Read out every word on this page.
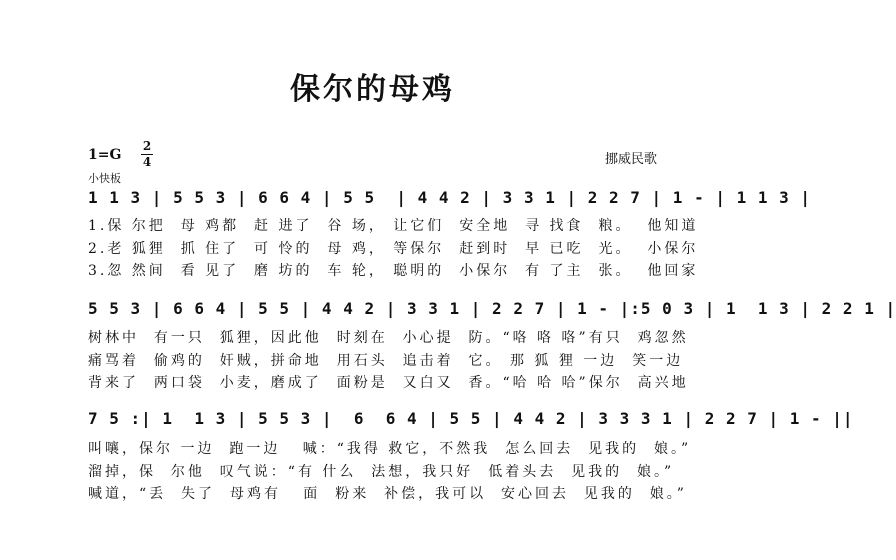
保尔的母鸡
1=G
2
4
小快板
挪威民歌
1 1 3 | 5 5 3 | 6 6 4 | 5 5  | 4 4 2 | 3 3 1 | 2 2 7 | 1 - | 1 1 3 |
1.保 尔把  母 鸡都  赶 进了  谷 场， 让它们  安全地  寻 找食  粮。  他知道
2.老 狐狸  抓 住了  可 怜的  母 鸡， 等保尔  赶到时  早 已吃  光。  小保尔
3.忽 然间  看 见了  磨 坊的  车 轮， 聪明的  小保尔  有 了主  张。  他回家
5 5 3 | 6 6 4 | 5 5 | 4 4 2 | 3 3 1 | 2 2 7 | 1 - |:5 0 3 | 1  1 3 | 2 2 1 |
树林中  有一只  狐狸，因此他  时刻在  小心提  防。“咯 咯 咯”有只  鸡忽然
痛骂着  偷鸡的  奸贼，拼命地  用石头  追击着  它。 那 狐 狸 一边  笑一边
背来了  两口袋  小麦，磨成了  面粉是  又白又  香。“哈 哈 哈”保尔  高兴地
7 5 :| 1  1 3 | 5 5 3 |  6  6 4 | 5 5 | 4 4 2 | 3 3 3 1 | 2 2 7 | 1 - ||
叫嚷，保尔 一边  跑一边   喊：“我得 救它，不然我  怎么回去  见我的  娘。”
溜掉，保  尔他  叹气说：“有 什么  法想，我只好  低着头去  见我的  娘。”
喊道，“丢  失了  母鸡有   面  粉来  补偿，我可以  安心回去  见我的  娘。”
